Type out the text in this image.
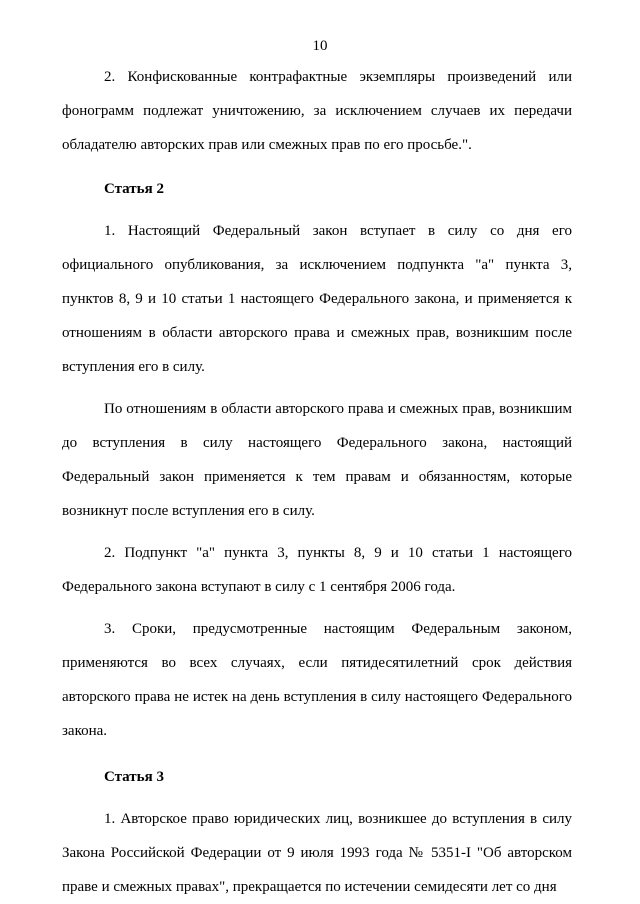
10

2. Конфискованные контрафактные экземпляры произведений или фонограмм подлежат уничтожению, за исключением случаев их передачи обладателю авторских прав или смежных прав по его просьбе.".

Статья 2

1. Настоящий Федеральный закон вступает в силу со дня его официального опубликования, за исключением подпункта "а" пункта 3, пунктов 8, 9 и 10 статьи 1 настоящего Федерального закона, и применяется к отношениям в области авторского права и смежных прав, возникшим после вступления его в силу.

По отношениям в области авторского права и смежных прав, возникшим до вступления в силу настоящего Федерального закона, настоящий Федеральный закон применяется к тем правам и обязанностям, которые возникнут после вступления его в силу.

2. Подпункт "а" пункта 3, пункты 8, 9 и 10 статьи 1 настоящего Федерального закона вступают в силу с 1 сентября 2006 года.

3. Сроки, предусмотренные настоящим Федеральным законом, применяются во всех случаях, если пятидесятилетний срок действия авторского права не истек на день вступления в силу настоящего Федерального закона.

Статья 3

1. Авторское право юридических лиц, возникшее до вступления в силу Закона Российской Федерации от 9 июля 1993 года № 5351-I "Об авторском праве и смежных правах", прекращается по истечении семидесяти лет со дня
